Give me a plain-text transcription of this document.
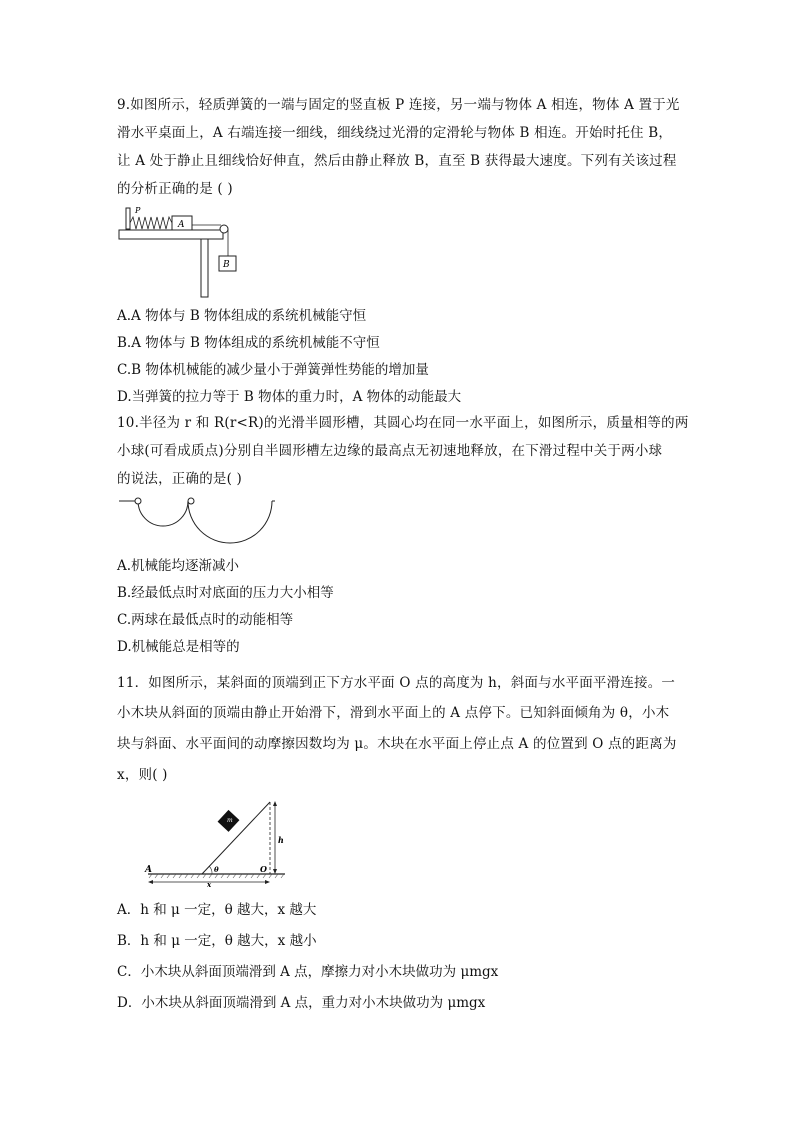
9.如图所示，轻质弹簧的一端与固定的竖直板 P 连接，另一端与物体 A 相连，物体 A 置于光
滑水平桌面上，A 右端连接一细线，细线绕过光滑的定滑轮与物体 B 相连。开始时托住 B，
让 A 处于静止且细线恰好伸直，然后由静止释放 B，直至 B 获得最大速度。下列有关该过程
的分析正确的是 ( )
P
A
B
A.A 物体与 B 物体组成的系统机械能守恒
B.A 物体与 B 物体组成的系统机械能不守恒
C.B 物体机械能的减少量小于弹簧弹性势能的增加量
D.当弹簧的拉力等于 B 物体的重力时，A 物体的动能最大
10.半径为 r 和 R(r<R)的光滑半圆形槽，其圆心均在同一水平面上，如图所示，质量相等的两
小球(可看成质点)分别自半圆形槽左边缘的最高点无初速地释放，在下滑过程中关于两小球
的说法，正确的是( )
A.机械能均逐渐减小
B.经最低点时对底面的压力大小相等
C.两球在最低点时的动能相等
D.机械能总是相等的
11．如图所示，某斜面的顶端到正下方水平面 O 点的高度为 h，斜面与水平面平滑连接。一
小木块从斜面的顶端由静止开始滑下，滑到水平面上的 A 点停下。已知斜面倾角为 θ，小木
块与斜面、水平面间的动摩擦因数均为 μ。木块在水平面上停止点 A 的位置到 O 点的距离为
x，则( )
m
h
A	θ	O
x
A．h 和 μ 一定，θ 越大，x 越大
B．h 和 μ 一定，θ 越大，x 越小
C．小木块从斜面顶端滑到 A 点，摩擦力对小木块做功为 μmgx
D．小木块从斜面顶端滑到 A 点，重力对小木块做功为 μmgx
